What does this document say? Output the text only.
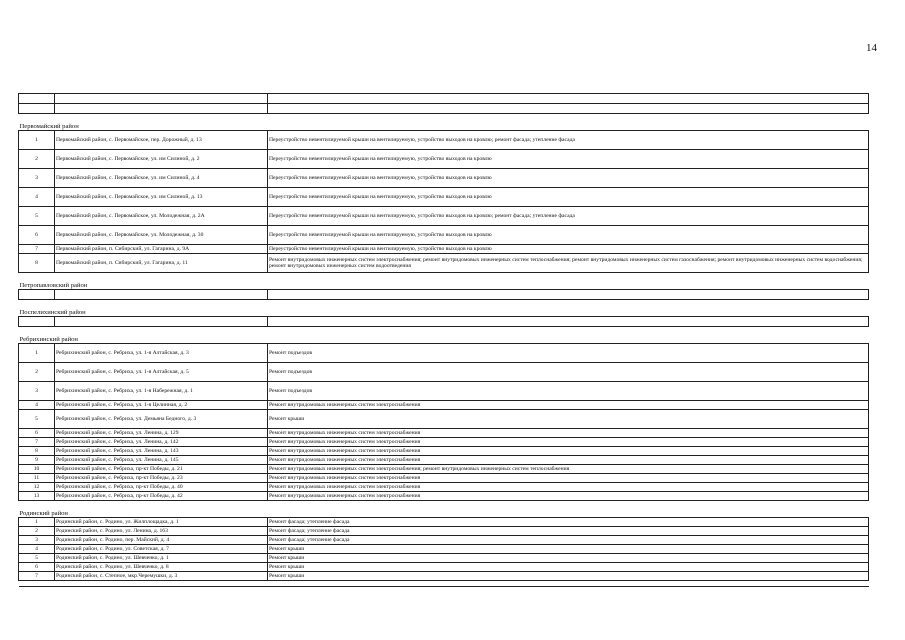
14

Первомайский район		
1	Первомайский район, с. Первомайское, пер. Дорожный, д. 13	Переустройство невентилируемой крыши на вентилируемую, устройство выходов на кровлю; ремонт фасада; утепление фасада
2	Первомайский район, с. Первомайское, ул. им Силиной, д. 2	Переустройство невентилируемой крыши на вентилируемую, устройство выходов на кровлю
3	Первомайский район, с. Первомайское, ул. им Силиной, д. 4	Переустройство невентилируемой крыши на вентилируемую, устройство выходов на кровлю
4	Первомайский район, с. Первомайское, ул. им Силиной, д. 13	Переустройство невентилируемой крыши на вентилируемую, устройство выходов на кровлю
5	Первомайский район, с. Первомайское, ул. Молодежная, д. 2А	Переустройство невентилируемой крыши на вентилируемую, устройство выходов на кровлю; ремонт фасада; утепление фасада
6	Первомайский район, с. Первомайское, ул. Молодежная, д. 30	Переустройство невентилируемой крыши на вентилируемую, устройство выходов на кровлю
7	Первомайский район, п. Сибирский, ул. Гагарина, д. 9А	Переустройство невентилируемой крыши на вентилируемую, устройство выходов на кровлю
8	Первомайский район, п. Сибирский, ул. Гагарина, д. 11	Ремонт внутридомовых инженерных систем электроснабжения; ремонт внутридомовых инженерных систем теплоснабжения; ремонт внутридомовых инженерных систем газоснабжения; ремонт внутридомовых инженерных систем водоснабжения; ремонт внутридомовых инженерных систем водоотведения
Петропавловский район		

Поспелихинский район		

Ребрихинский район		
1	Ребрихинский район, с. Ребриха, ул. 1-я Алтайская, д. 3	Ремонт подъездов
2	Ребрихинский район, с. Ребриха, ул. 1-я Алтайская, д. 5	Ремонт подъездов
3	Ребрихинский район, с. Ребриха, ул. 1-я Набережная, д. 1	Ремонт подъездов
4	Ребрихинский район, с. Ребриха, ул. 1-я Целинная, д. 2	Ремонт внутридомовых инженерных систем электроснабжения
5	Ребрихинский район, с. Ребриха, ул. Демьяна Бедного, д. 3	Ремонт крыши
6	Ребрихинский район, с. Ребриха, ул. Ленина, д. 129	Ремонт внутридомовых инженерных систем электроснабжения
7	Ребрихинский район, с. Ребриха, ул. Ленина, д. 142	Ремонт внутридомовых инженерных систем электроснабжения
8	Ребрихинский район, с. Ребриха, ул. Ленина, д. 143	Ремонт внутридомовых инженерных систем электроснабжения
9	Ребрихинский район, с. Ребриха, ул. Ленина, д. 145	Ремонт внутридомовых инженерных систем электроснабжения
10	Ребрихинский район, с. Ребриха, пр-кт Победы, д. 21	Ремонт внутридомовых инженерных систем электроснабжения; ремонт внутридомовых инженерных систем теплоснабжения
11	Ребрихинский район, с. Ребриха, пр-кт Победы, д. 23	Ремонт внутридомовых инженерных систем электроснабжения
12	Ребрихинский район, с. Ребриха, пр-кт Победы, д. 40	Ремонт внутридомовых инженерных систем электроснабжения
13	Ребрихинский район, с. Ребриха, пр-кт Победы, д. 42	Ремонт внутридомовых инженерных систем электроснабжения
Родинский район		
1	Родинский район, с. Родино, ул. Жилплощадка, д. 1	Ремонт фасада; утепление фасада
2	Родинский район, с. Родино, ул. Ленина, д. 163	Ремонт фасада; утепление фасада
3	Родинский район, с. Родино, пер. Майский, д. 4	Ремонт фасада; утепление фасада
4	Родинский район, с. Родино, ул. Советская, д. 7	Ремонт крыши
5	Родинский район, с. Родино, ул. Шевченко, д. 1	Ремонт крыши
6	Родинский район, с. Родино, ул. Шевченко, д. 8	Ремонт крыши
7	Родинский район, с. Степное, мкр.Черемушки, д. 3	Ремонт крыши
